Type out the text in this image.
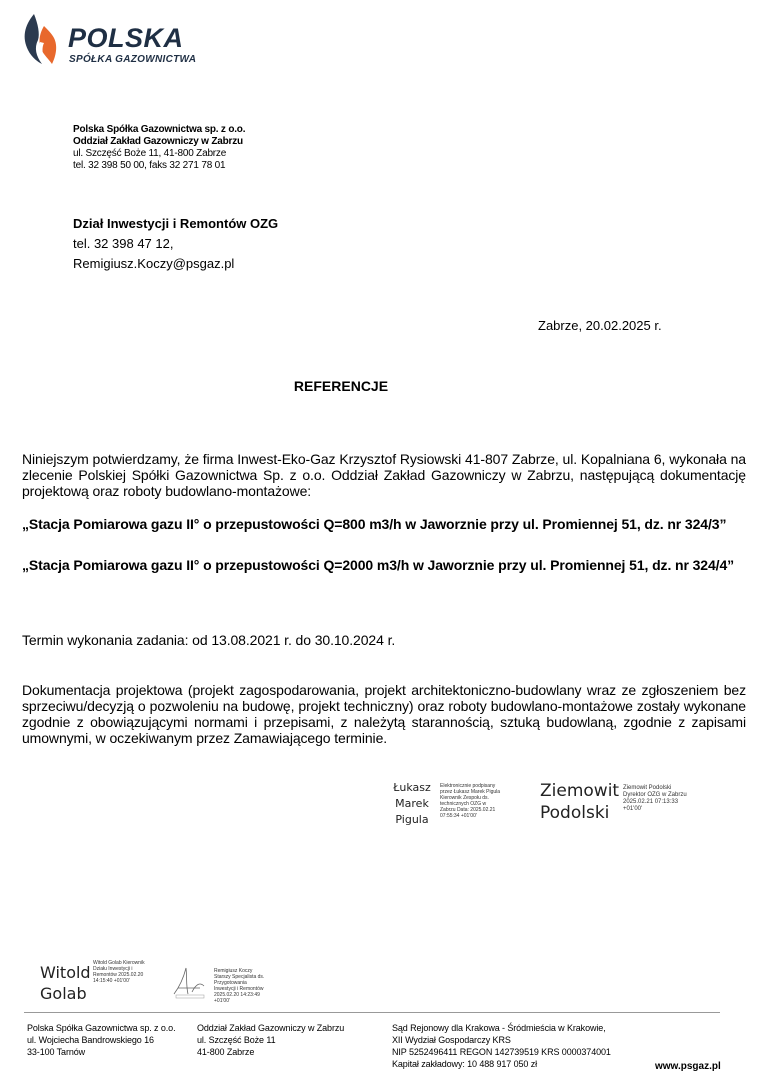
POLSKA
SPÓŁKA GAZOWNICTWA
Polska Spółka Gazownictwa sp. z o.o.
Oddział Zakład Gazowniczy w Zabrzu
ul. Szczęść Boże 11, 41-800 Zabrze
tel. 32 398 50 00, faks 32 271 78 01
Dział Inwestycji i Remontów OZG
tel. 32 398 47 12,
Remigiusz.Koczy@psgaz.pl
Zabrze, 20.02.2025 r.
REFERENCJE
Niniejszym potwierdzamy, że firma Inwest-Eko-Gaz Krzysztof Rysiowski 41-807 Zabrze, ul. Kopalniana 6, wykonała na zlecenie Polskiej Spółki Gazownictwa Sp. z o.o. Oddział Zakład Gazowniczy w Zabrzu, następującą dokumentację projektową oraz roboty budowlano-montażowe:
„Stacja Pomiarowa gazu II° o przepustowości Q=800 m3/h w Jaworznie przy ul. Promiennej 51, dz. nr 324/3”
„Stacja Pomiarowa gazu II° o przepustowości Q=2000 m3/h w Jaworznie przy ul. Promiennej 51, dz. nr 324/4”
Termin wykonania zadania: od 13.08.2021 r. do 30.10.2024 r.
Dokumentacja projektowa (projekt zagospodarowania, projekt architektoniczno-budowlany wraz ze zgłoszeniem bez sprzeciwu/decyzją o pozwoleniu na budowę, projekt techniczny) oraz roboty budowlano-montażowe zostały wykonane zgodnie z obowiązującymi normami i przepisami, z należytą starannością, sztuką budowlaną, zgodnie z zapisami umownymi, w oczekiwanym przez Zamawiającego terminie.
Łukasz
Marek
Pigula
Elektronicznie podpisany przez Łukasz Marek Pigula Kierownik Zespołu ds. technicznych OZG w Zabrzu Data: 2025.02.21 07:55:34 +01'00'
Ziemowit
Podolski
Ziemowit Podolski
Dyrektor OZG w Zabrzu
2025.02.21 07:13:33
+01'00'
Witold
Golab
Witold Golab Kierownik Działu Inwestycji i Remontów 2025.02.20 14:15:40 +01'00'
Remigiusz Koczy Starszy Specjalista ds. Przygotowania Inwestycji i Remontów 2025.02.20 14:23:49 +01'00'
Polska Spółka Gazownictwa sp. z o.o.
ul. Wojciecha Bandrowskiego 16
33-100 Tarnów
Oddział Zakład Gazowniczy w Zabrzu
ul. Szczęść Boże 11
41-800 Zabrze
Sąd Rejonowy dla Krakowa - Śródmieścia w Krakowie,
XII Wydział Gospodarczy KRS
NIP 5252496411 REGON 142739519 KRS 0000374001
Kapitał zakładowy: 10 488 917 050 zł	www.psgaz.pl
